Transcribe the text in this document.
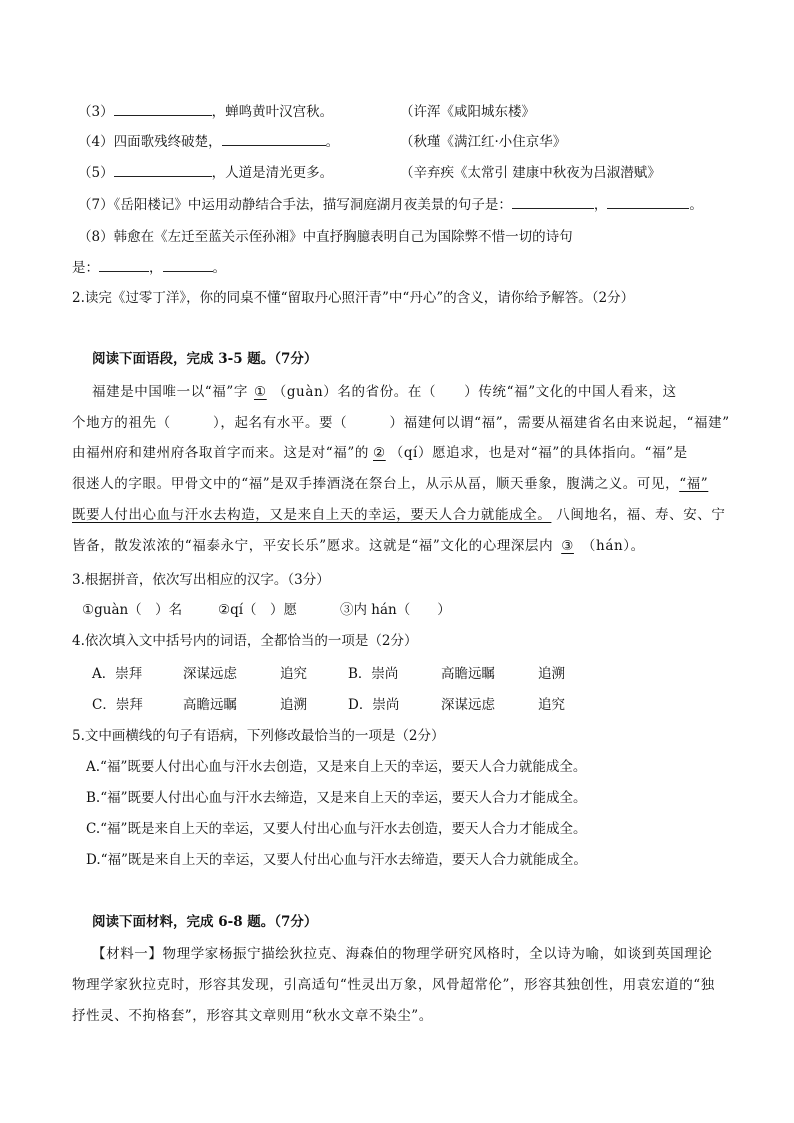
（3）	，蝉鸣黄叶汉宫秋。	（许浑《咸阳城东楼》
（4）四面歌残终破楚，	。	（秋瑾《满江红·小住京华》
（5）	，人道是清光更多。	（辛弃疾《太常引 建康中秋夜为吕淑潜赋》
（7）《岳阳楼记》中运用动静结合手法，描写洞庭湖月夜美景的句子是：	，	。
（8）韩愈在《左迁至蓝关示侄孙湘》中直抒胸臆表明自己为国除弊不惜一切的诗句
是：	，	。
2.读完《过零丁洋》，你的同桌不懂“留取丹心照汗青”中“丹心”的含义，请你给予解答。（2分）
阅读下面语段，完成 3-5 题。（7分）
福建是中国唯一以“福”字 ① （guàn）名的省份。在（　　）传统“福”文化的中国人看来，这
个地方的祖先（　　　），起名有水平。要（　　　）福建何以谓“福”，需要从福建省名由来说起，“福建”
由福州府和建州府各取首字而来。这是对“福”的 ② （qí）愿追求，也是对“福”的具体指向。“福”是
很迷人的字眼。甲骨文中的“福”是双手捧酒浇在祭台上，从示从畐，顺天垂象，腹满之义。可见，“福”
既要人付出心血与汗水去构造，又是来自上天的幸运，要天人合力就能成全。 八闽地名，福、寿、安、宁
皆备，散发浓浓的“福泰永宁，平安长乐”愿求。这就是“福”文化的心理深层内 ③ （hán）。
3.根据拼音，依次写出相应的汉字。（3分）
①guàn（　）名	②qí（　）愿	③内 hán（　　）
4.依次填入文中括号内的词语，全都恰当的一项是（2分）
A．崇拜	深谋远虑	追究	B．崇尚	高瞻远瞩	追溯
C．崇拜	高瞻远瞩	追溯	D．崇尚	深谋远虑	追究
5.文中画横线的句子有语病，下列修改最恰当的一项是（2分）
A.“福”既要人付出心血与汗水去创造，又是来自上天的幸运，要天人合力就能成全。
B.“福”既要人付出心血与汗水去缔造，又是来自上天的幸运，要天人合力才能成全。
C.“福”既是来自上天的幸运，又要人付出心血与汗水去创造，要天人合力才能成全。
D.“福”既是来自上天的幸运，又要人付出心血与汗水去缔造，要天人合力就能成全。
阅读下面材料，完成 6-8 题。（7分）
【材料一】物理学家杨振宁描绘狄拉克、海森伯的物理学研究风格时，全以诗为喻，如谈到英国理论
物理学家狄拉克时，形容其发现，引高适句“性灵出万象，风骨超常伦”，形容其独创性，用袁宏道的“独
抒性灵、不拘格套”，形容其文章则用“秋水文章不染尘”。
